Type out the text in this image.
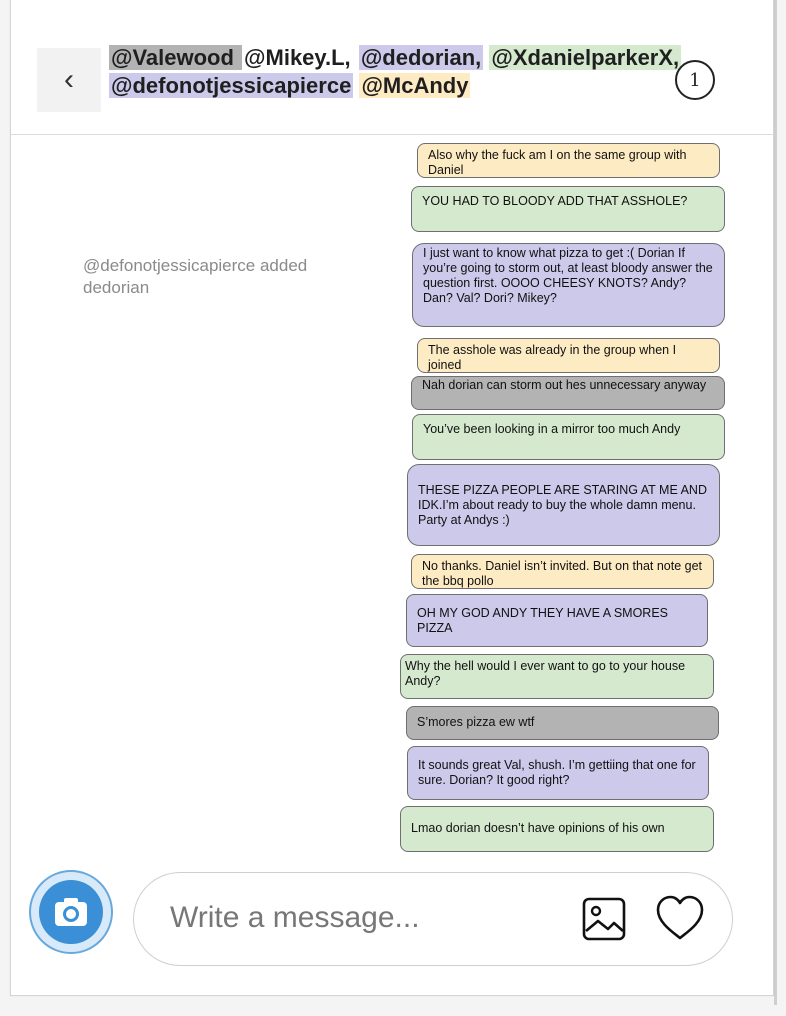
‹
@Valewood @Mikey.L, @dedorian, @XdanielparkerX,
@defonotjessicapierce @McAndy	1
@defonotjessicapierce added dedorian
Also why the fuck am I on the same group with Daniel
YOU HAD TO BLOODY ADD THAT ASSHOLE?
I just want to know what pizza to get :( Dorian If you’re going to storm out, at least bloody answer the question first. OOOO CHEESY KNOTS? Andy? Dan? Val? Dori? Mikey?
The asshole was already in the group when I joined
Nah dorian can storm out hes unnecessary anyway
You’ve been looking in a mirror too much Andy
THESE PIZZA PEOPLE ARE STARING AT ME AND IDK.I’m about ready to buy the whole damn menu. Party at Andys :)
No thanks. Daniel isn’t invited. But on that note get the bbq pollo
OH MY GOD ANDY THEY HAVE A SMORES PIZZA
Why the hell would I ever want to go to your house Andy?
S’mores pizza ew wtf
It sounds great Val, shush. I’m gettiing that one for sure. Dorian? It good right?
Lmao dorian doesn’t have opinions of his own
Write a message...
